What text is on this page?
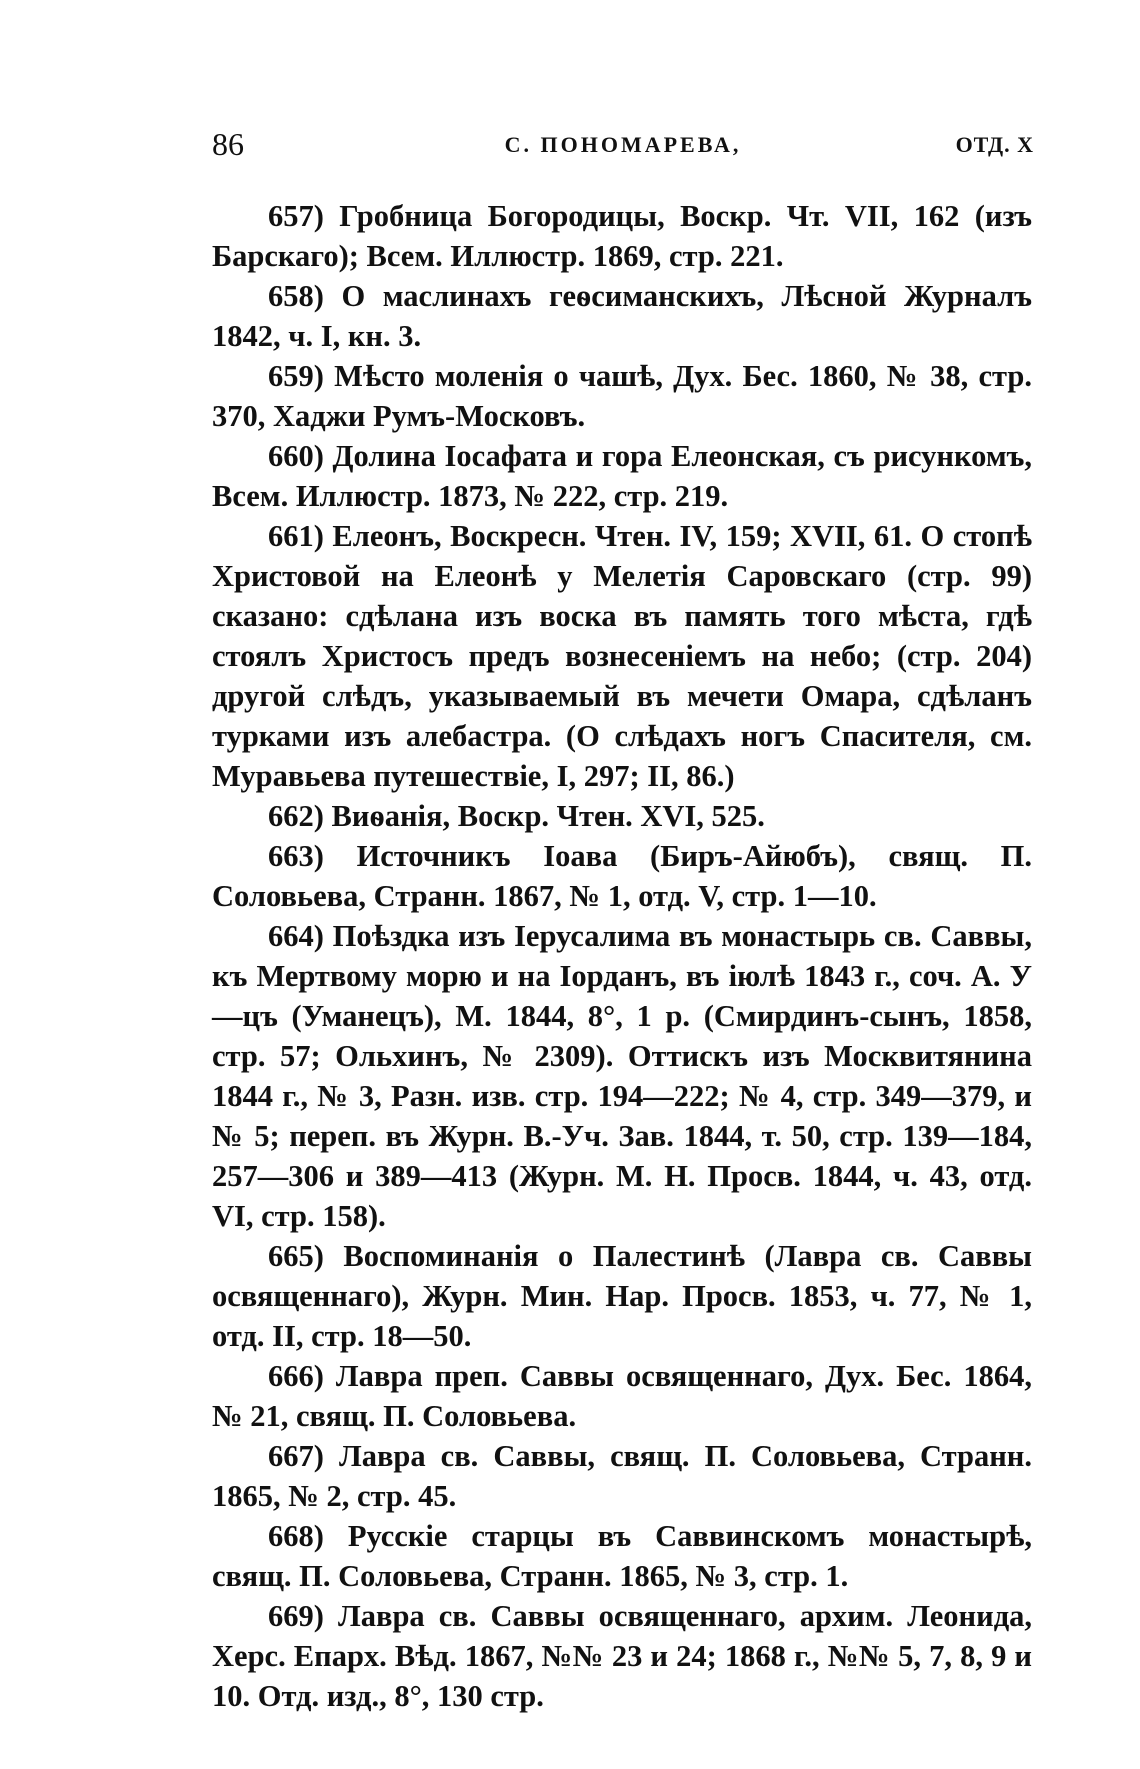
86	С. ПОНОМАРЕВА,	ОТД. X

657) Гробница Богородицы, Воскр. Чт. VII, 162 (изъ Барскаго); Всем. Иллюстр. 1869, стр. 221.

658) О маслинахъ геѳсиманскихъ, Лѣсной Журналъ 1842, ч. I, кн. 3.

659) Мѣсто моленія о чашѣ, Дух. Бес. 1860, № 38, стр. 370, Хаджи Румъ-Московъ.

660) Долина Іосафата и гора Елеонская, съ рисункомъ, Всем. Иллюстр. 1873, № 222, стр. 219.

661) Елеонъ, Воскресн. Чтен. IV, 159; XVII, 61. О стопѣ Христовой на Елеонѣ у Мелетія Саровскаго (стр. 99) сказано: сдѣлана изъ воска въ память того мѣста, гдѣ стоялъ Христосъ предъ вознесеніемъ на небо; (стр. 204) другой слѣдъ, указываемый въ мечети Омара, сдѣланъ турками изъ алебастра. (О слѣдахъ ногъ Спасителя, см. Муравьева путешествіе, I, 297; II, 86.)

662) Виѳанія, Воскр. Чтен. XVI, 525.

663) Источникъ Іоава (Биръ-Айюбъ), свящ. П. Соловьева, Странн. 1867, № 1, отд. V, стр. 1—10.

664) Поѣздка изъ Іерусалима въ монастырь св. Саввы, къ Мертвому морю и на Іорданъ, въ іюлѣ 1843 г., соч. А. У—цъ (Уманецъ), М. 1844, 8°, 1 р. (Смирдинъ-сынъ, 1858, стр. 57; Ольхинъ, № 2309). Оттискъ изъ Москвитянина 1844 г., № 3, Разн. изв. стр. 194—222; № 4, стр. 349—379, и № 5; переп. въ Журн. В.-Уч. Зав. 1844, т. 50, стр. 139—184, 257—306 и 389—413 (Журн. М. Н. Просв. 1844, ч. 43, отд. VI, стр. 158).

665) Воспоминанія о Палестинѣ (Лавра св. Саввы освященнаго), Журн. Мин. Нар. Просв. 1853, ч. 77, № 1, отд. II, стр. 18—50.

666) Лавра преп. Саввы освященнаго, Дух. Бес. 1864, № 21, свящ. П. Соловьева.

667) Лавра св. Саввы, свящ. П. Соловьева, Странн. 1865, № 2, стр. 45.

668) Русскіе старцы въ Саввинскомъ монастырѣ, свящ. П. Соловьева, Странн. 1865, № 3, стр. 1.

669) Лавра св. Саввы освященнаго, архим. Леонида, Херс. Епарх. Вѣд. 1867, №№ 23 и 24; 1868 г., №№ 5, 7, 8, 9 и 10. Отд. изд., 8°, 130 стр.
